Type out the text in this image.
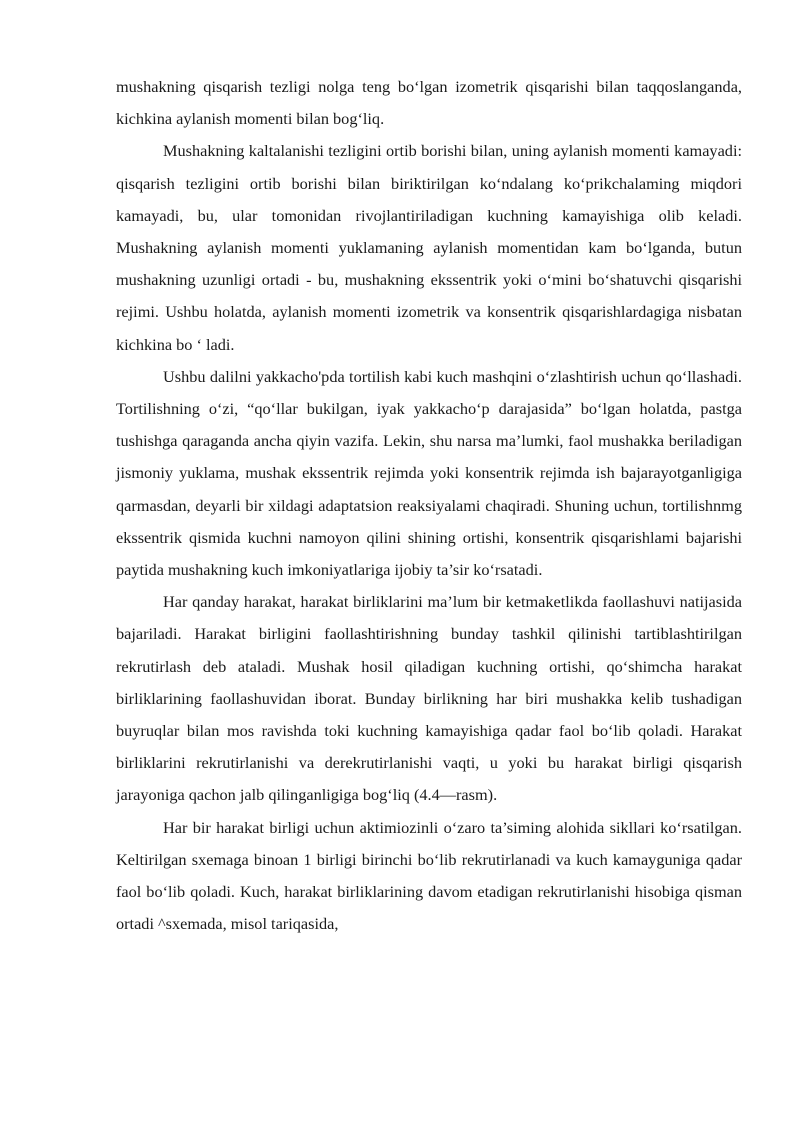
mushakning qisqarish tezligi nolga teng bo‘lgan izometrik qisqarishi bilan taqqoslanganda, kichkina aylanish momenti bilan bog‘liq.

Mushakning kaltalanishi tezligini ortib borishi bilan, uning aylanish momenti kamayadi: qisqarish tezligini ortib borishi bilan biriktirilgan ko‘ndalang ko‘prikchalaming miqdori kamayadi, bu, ular tomonidan rivojlantiriladigan kuchning kamayishiga olib keladi. Mushakning aylanish momenti yuklamaning aylanish momentidan kam bo‘lganda, butun mushakning uzunligi ortadi - bu, mushakning ekssentrik yoki o‘mini bo‘shatuvchi qisqarishi rejimi. Ushbu holatda, aylanish momenti izometrik va konsentrik qisqarishlardagiga nisbatan kichkina bo ‘ ladi.

Ushbu dalilni yakkacho'pda tortilish kabi kuch mashqini o‘zlashtirish uchun qo‘llashadi. Tortilishning o‘zi, “qo‘llar bukilgan, iyak yakkacho‘p darajasida” bo‘lgan holatda, pastga tushishga qaraganda ancha qiyin vazifa. Lekin, shu narsa ma’lumki, faol mushakka beriladigan jismoniy yuklama, mushak ekssentrik rejimda yoki konsentrik rejimda ish bajarayotganligiga qarmasdan, deyarli bir xildagi adaptatsion reaksiyalami chaqiradi. Shuning uchun, tortilishnmg ekssentrik qismida kuchni namoyon qilini shining ortishi, konsentrik qisqarishlami bajarishi paytida mushakning kuch imkoniyatlariga ijobiy ta’sir ko‘rsatadi.

Har qanday harakat, harakat birliklarini ma’lum bir ketmaketlikda faollashuvi natijasida bajariladi. Harakat birligini faollashtirishning bunday tashkil qilinishi tartiblashtirilgan rekrutirlash deb ataladi. Mushak hosil qiladigan kuchning ortishi, qo‘shimcha harakat birliklarining faollashuvidan iborat. Bunday birlikning har biri mushakka kelib tushadigan buyruqlar bilan mos ravishda toki kuchning kamayishiga qadar faol bo‘lib qoladi. Harakat birliklarini rekrutirlanishi va derekrutirlanishi vaqti, u yoki bu harakat birligi qisqarish jarayoniga qachon jalb qilinganligiga bog‘liq (4.4—rasm).

Har bir harakat birligi uchun aktimiozinli o‘zaro ta’siming alohida sikllari ko‘rsatilgan. Keltirilgan sxemaga binoan 1 birligi birinchi bo‘lib rekrutirlanadi va kuch kamayguniga qadar faol bo‘lib qoladi. Kuch, harakat birliklarining davom etadigan rekrutirlanishi hisobiga qisman ortadi ^sxemada, misol tariqasida,
